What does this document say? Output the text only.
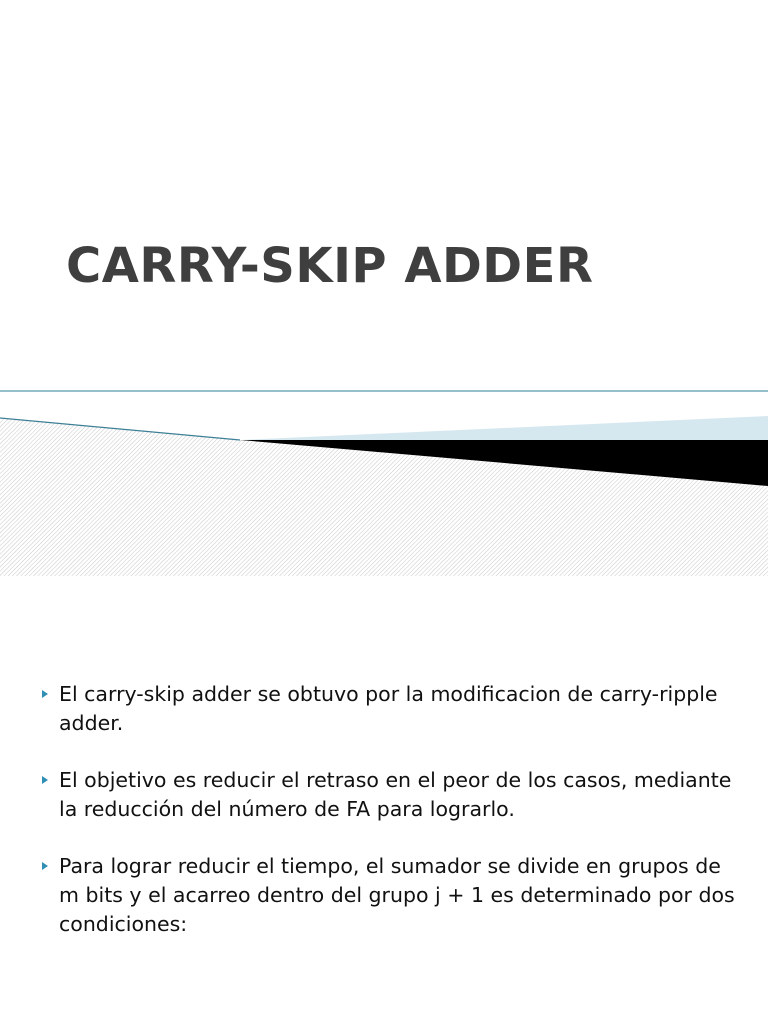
CARRY-SKIP ADDER
El carry-skip adder se obtuvo por la modificacion de carry-ripple adder.
El objetivo es reducir el retraso en el peor de los casos, mediante la reducción del número de FA para lograrlo.
Para lograr reducir el tiempo, el sumador se divide en grupos de m bits y el acarreo dentro del grupo j + 1 es determinado por dos condiciones:
